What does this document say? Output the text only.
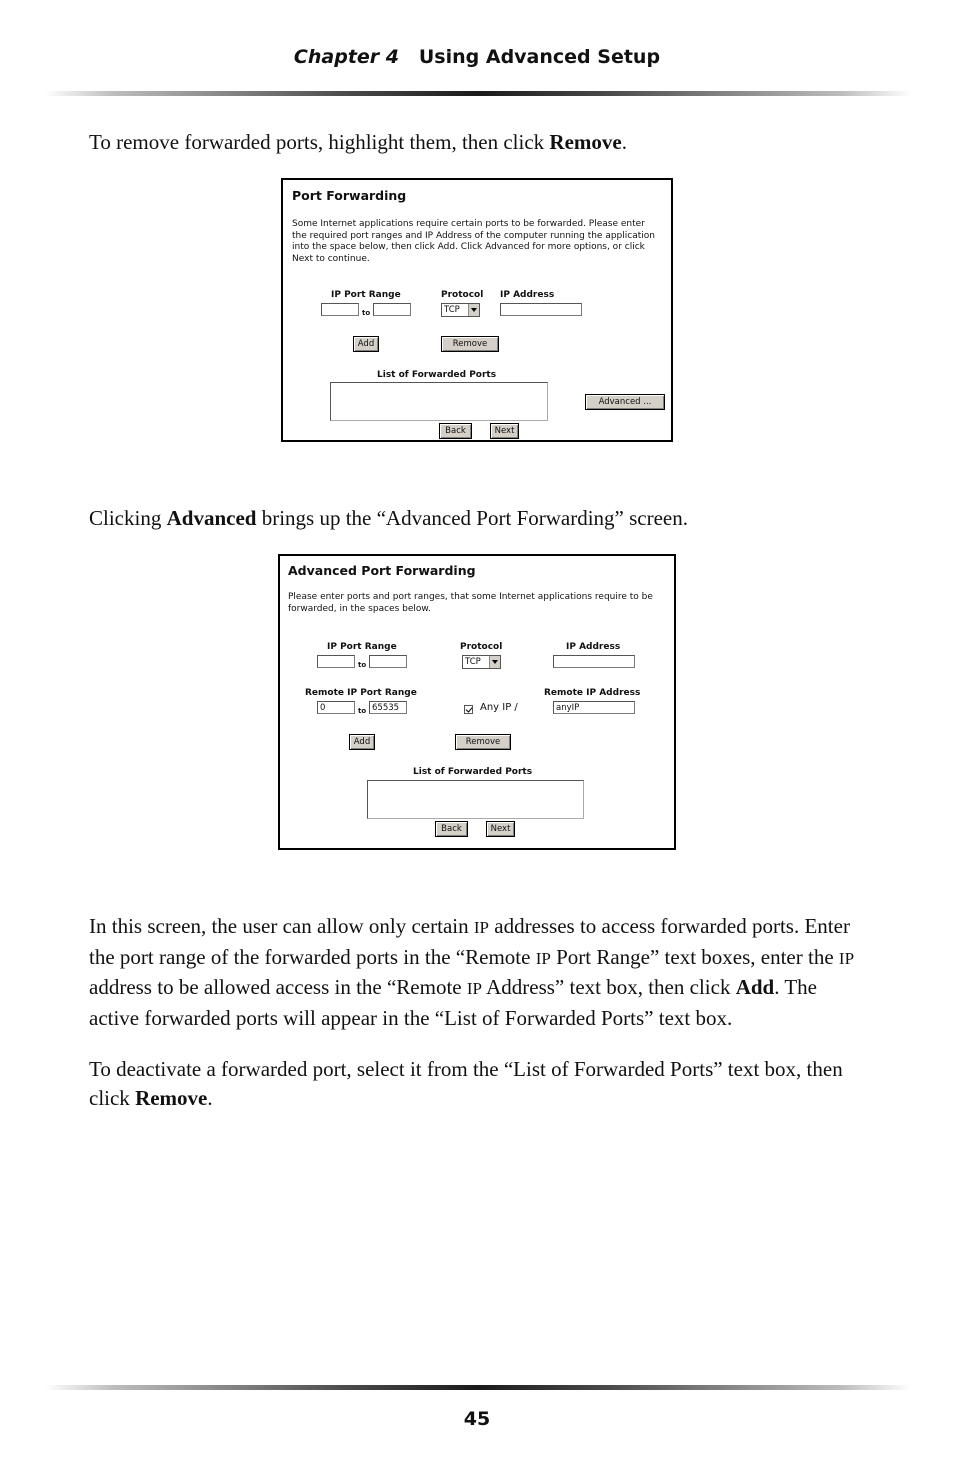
Chapter 4 Using Advanced Setup
To remove forwarded ports, highlight them, then click Remove.
Port Forwarding
Some Internet applications require certain ports to be forwarded. Please enter the required port ranges and IP Address of the computer running the application into the space below, then click Add. Click Advanced for more options, or click Next to continue.
IP Port Range	Protocol IP Address
to	TCP
Add	Remove
List of Forwarded Ports
Advanced ...
Back	Next
Clicking Advanced brings up the “Advanced Port Forwarding” screen.
Advanced Port Forwarding
Please enter ports and port ranges, that some Internet applications require to be forwarded, in the spaces below.
IP Port Range	Protocol	IP Address
to	TCP
Remote IP Port Range	Remote IP Address
0	to 65535	Any IP /	anyIP
Add	Remove
List of Forwarded Ports
Back	Next
In this screen, the user can allow only certain IP addresses to access forwarded ports. Enter the port range of the forwarded ports in the “Remote IP Port Range” text boxes, enter the IP address to be allowed access in the “Remote IP Address” text box, then click Add. The active forwarded ports will appear in the “List of Forwarded Ports” text box.
To deactivate a forwarded port, select it from the “List of Forwarded Ports” text box, then click Remove.
45
